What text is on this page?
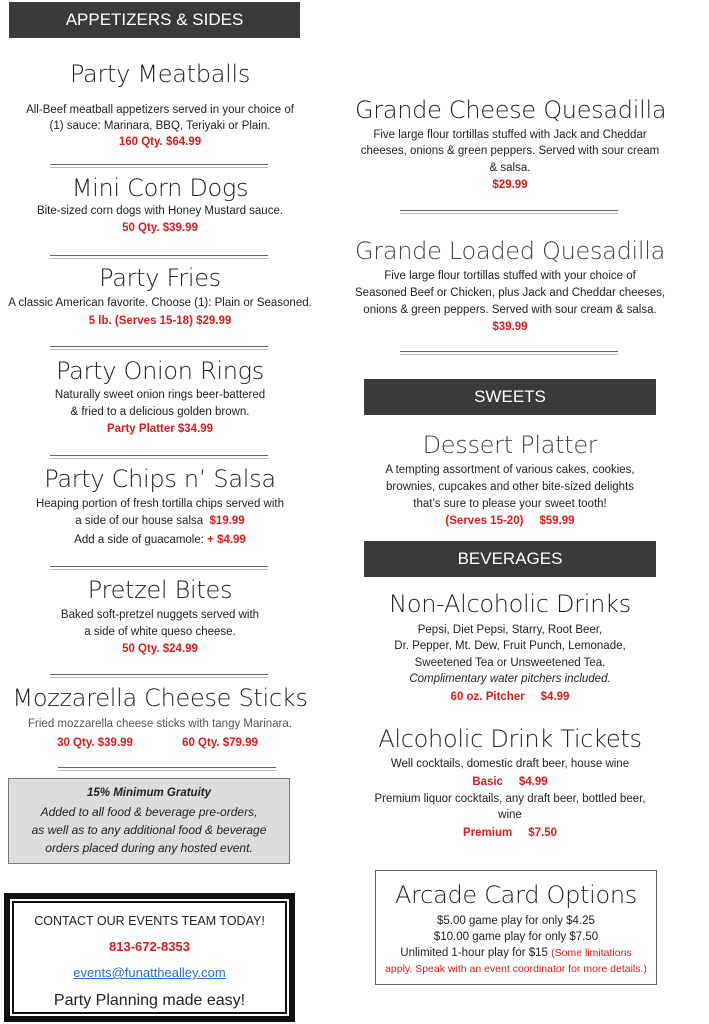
APPETIZERS & SIDES
Party Meatballs
All-Beef meatball appetizers served in your choice of
(1) sauce: Marinara, BBQ, Teriyaki or Plain.
160 Qty. $64.99
Mini Corn Dogs
Bite-sized corn dogs with Honey Mustard sauce.
50 Qty. $39.99
Party Fries
A classic American favorite. Choose (1): Plain or Seasoned.
5 lb. (Serves 15-18) $29.99
Party Onion Rings
Naturally sweet onion rings beer-battered
& fried to a delicious golden brown.
Party Platter $34.99
Party Chips n’ Salsa
Heaping portion of fresh tortilla chips served with
a side of our house salsa $19.99
Add a side of guacamole: + $4.99
Pretzel Bites
Baked soft-pretzel nuggets served with
a side of white queso cheese.
50 Qty. $24.99
Mozzarella Cheese Sticks
Fried mozzarella cheese sticks with tangy Marinara.
30 Qty. $39.99	60 Qty. $79.99
15% Minimum Gratuity
Added to all food & beverage pre-orders,
as well as to any additional food & beverage
orders placed during any hosted event.
CONTACT OUR EVENTS TEAM TODAY!
813-672-8353
events@funatthealley.com
Party Planning made easy!
Grande Cheese Quesadilla
Five large flour tortillas stuffed with Jack and Cheddar
cheeses, onions & green peppers. Served with sour cream
& salsa.
$29.99
Grande Loaded Quesadilla
Five large flour tortillas stuffed with your choice of
Seasoned Beef or Chicken, plus Jack and Cheddar cheeses,
onions & green peppers. Served with sour cream & salsa.
$39.99
SWEETS
Dessert Platter
A tempting assortment of various cakes, cookies,
brownies, cupcakes and other bite-sized delights
that’s sure to please your sweet tooth!
(Serves 15-20)     $59.99
BEVERAGES
Non-Alcoholic Drinks
Pepsi, Diet Pepsi, Starry, Root Beer,
Dr. Pepper, Mt. Dew, Fruit Punch, Lemonade,
Sweetened Tea or Unsweetened Tea.
Complimentary water pitchers included.
60 oz. Pitcher     $4.99
Alcoholic Drink Tickets
Well cocktails, domestic draft beer, house wine
Basic     $4.99
Premium liquor cocktails, any draft beer, bottled beer,
wine
Premium     $7.50
Arcade Card Options
$5.00 game play for only $4.25
$10.00 game play for only $7.50
Unlimited 1-hour play for $15 (Some limitations
apply. Speak with an event coordinator for more details.)
